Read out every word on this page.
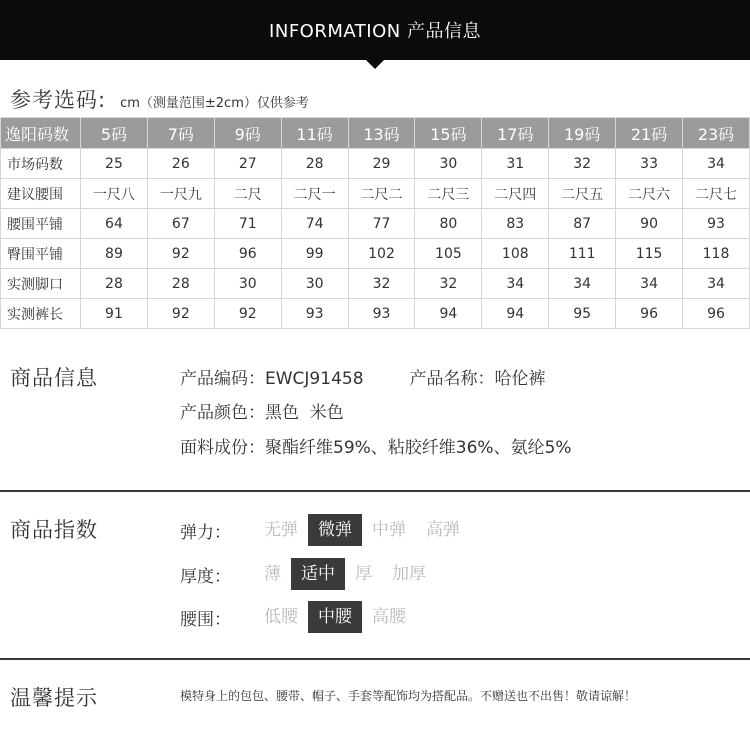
INFORMATION 产品信息
参考选码: cm（测量范围±2cm）仅供参考
逸阳码数	5码	7码	9码	11码	13码	15码	17码	19码	21码	23码
市场码数	25	26	27	28	29	30	31	32	33	34
建议腰围	一尺八	一尺九	二尺	二尺一	二尺二	二尺三	二尺四	二尺五	二尺六	二尺七
腰围平铺	64	67	71	74	77	80	83	87	90	93
臀围平铺	89	92	96	99	102	105	108	111	115	118
实测脚口	28	28	30	30	32	32	34	34	34	34
实测裤长	91	92	92	93	93	94	94	95	96	96
商品信息	产品编码：EWCJ91458	产品名称：哈伦裤
产品颜色：黑色  米色
面料成份：聚酯纤维59%、粘胶纤维36%、氨纶5%
商品指数	弹力：	无弹	微弹	中弹	高弹
厚度：	薄	适中	厚	加厚
腰围：	低腰	中腰	高腰
温馨提示	模特身上的包包、腰带、帽子、手套等配饰均为搭配品。不赠送也不出售！敬请谅解！
